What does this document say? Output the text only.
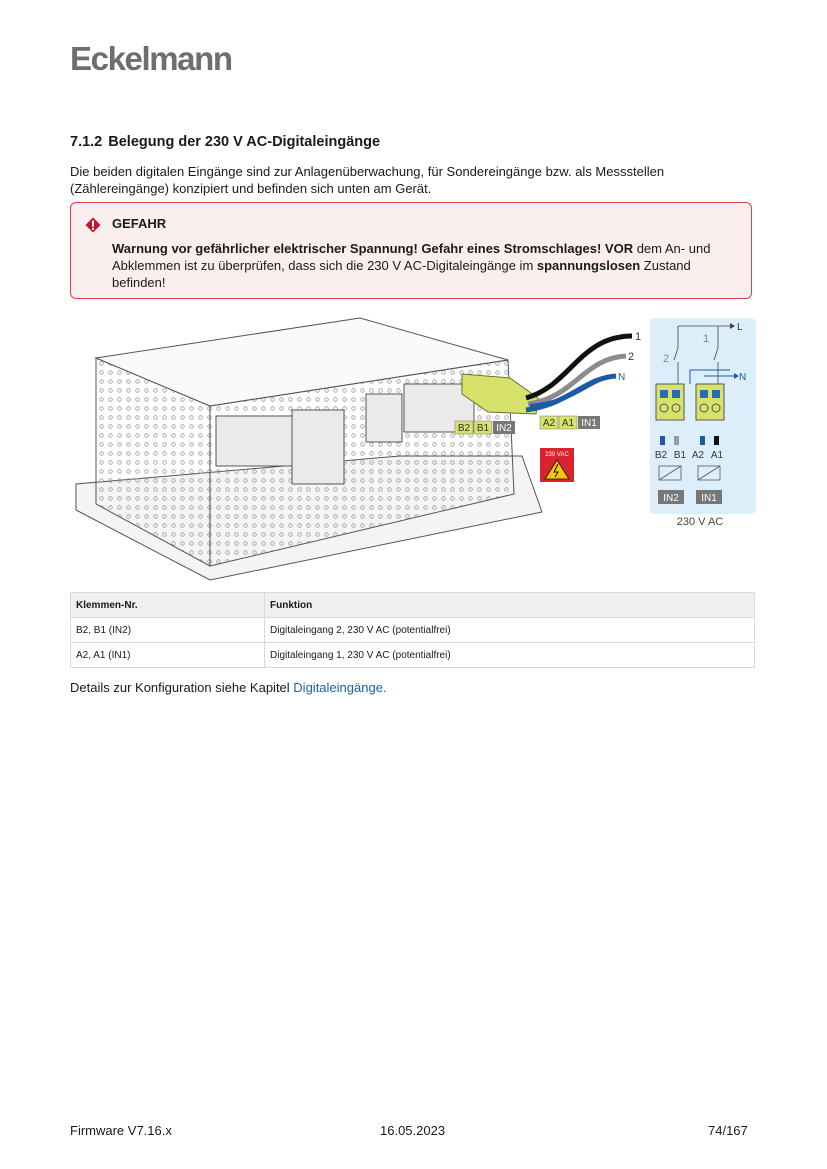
Eckelmann
7.1.2 Belegung der 230 V AC-Digitaleingänge
Die beiden digitalen Eingänge sind zur Anlagenüberwachung, für Sondereingänge bzw. als Messstellen (Zählereingänge) konzipiert und befinden sich unten am Gerät.
GEFAHR
Warnung vor gefährlicher elektrischer Spannung! Gefahr eines Stromschlages! VOR dem An- und Abklemmen ist zu überprüfen, dass sich die 230 V AC-Digitaleingänge im spannungslosen Zustand befinden!
1
2
N
B2 B1 IN2	A2 A1 IN1
230 VAC
L
2
1
N
B2 B1 A2 A1
IN2 IN1
230 V AC
Klemmen-Nr.	Funktion
B2, B1 (IN2)	Digitaleingang 2, 230 V AC (potentialfrei)
A2, A1 (IN1)	Digitaleingang 1, 230 V AC (potentialfrei)
Details zur Konfiguration siehe Kapitel Digitaleingänge.
Firmware V7.16.x	16.05.2023	74/167
